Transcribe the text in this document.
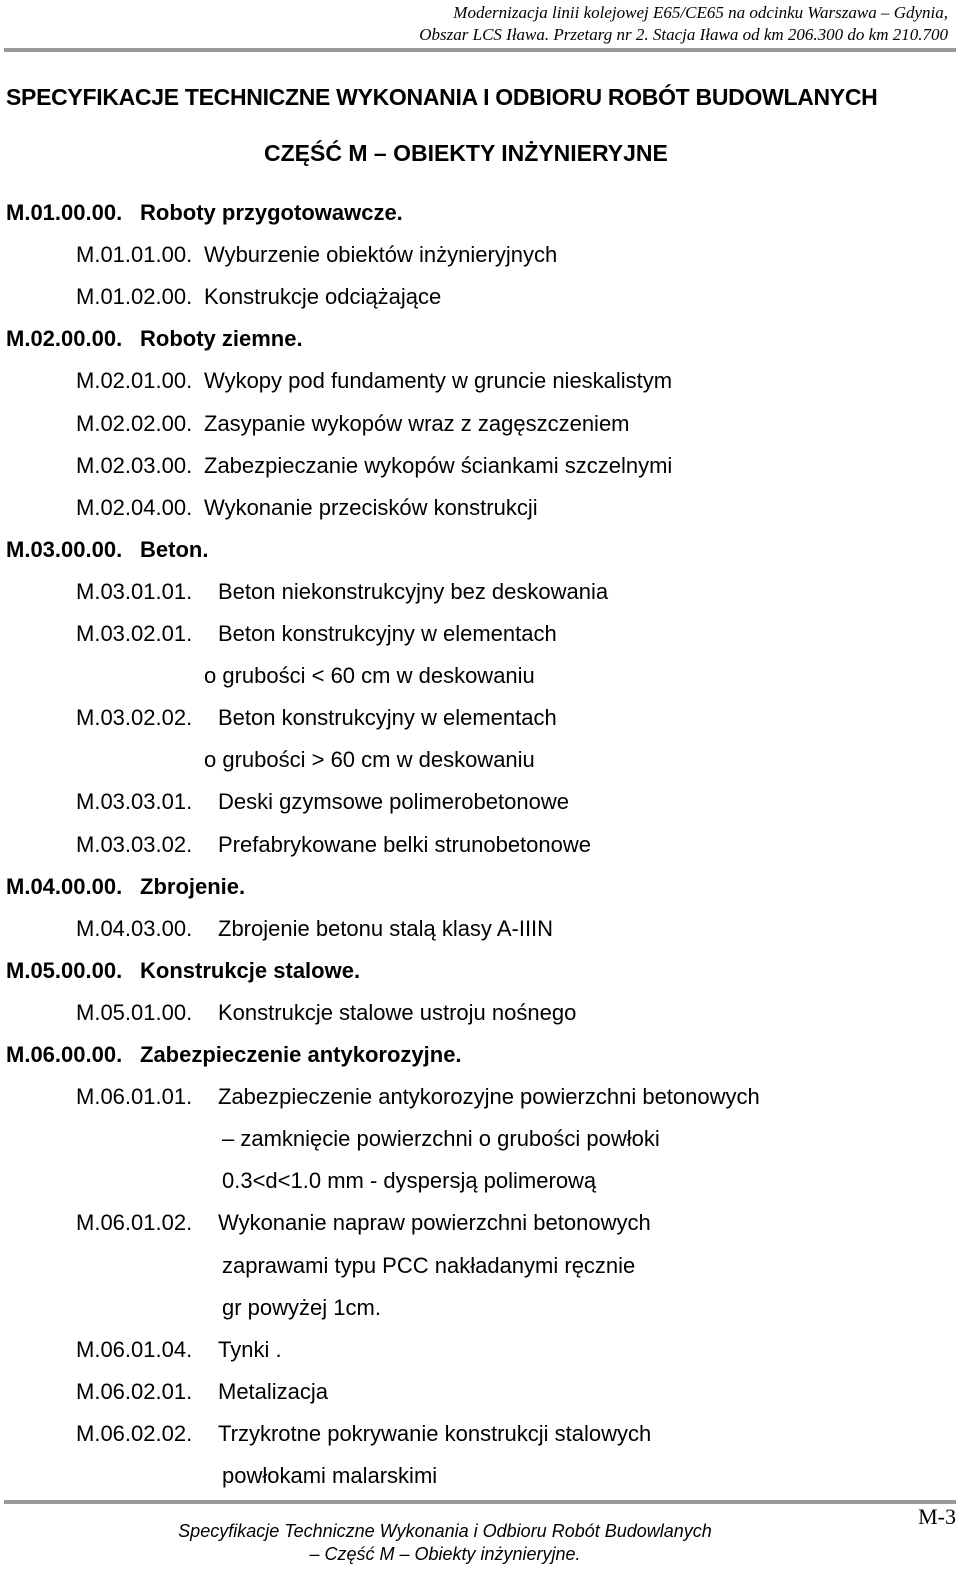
Modernizacja linii kolejowej E65/CE65 na odcinku Warszawa – Gdynia,
Obszar LCS Iława. Przetarg nr 2. Stacja Iława od km 206.300 do km 210.700
SPECYFIKACJE TECHNICZNE WYKONANIA I ODBIORU ROBÓT BUDOWLANYCH
CZĘŚĆ M – OBIEKTY INŻYNIERYJNE
M.01.00.00. Roboty przygotowawcze.
M.01.01.00. Wyburzenie obiektów inżynieryjnych
M.01.02.00. Konstrukcje odciążające
M.02.00.00. Roboty ziemne.
M.02.01.00. Wykopy pod fundamenty w gruncie nieskalistym
M.02.02.00. Zasypanie wykopów wraz z zagęszczeniem
M.02.03.00. Zabezpieczanie wykopów ściankami szczelnymi
M.02.04.00. Wykonanie przecisków konstrukcji
M.03.00.00. Beton.
M.03.01.01. Beton niekonstrukcyjny bez deskowania
M.03.02.01. Beton konstrukcyjny w elementach
o grubości < 60 cm w deskowaniu
M.03.02.02. Beton konstrukcyjny w elementach
o grubości > 60 cm w deskowaniu
M.03.03.01. Deski gzymsowe polimerobetonowe
M.03.03.02. Prefabrykowane belki strunobetonowe
M.04.00.00. Zbrojenie.
M.04.03.00. Zbrojenie betonu stalą klasy A-IIIN
M.05.00.00. Konstrukcje stalowe.
M.05.01.00. Konstrukcje stalowe ustroju nośnego
M.06.00.00. Zabezpieczenie antykorozyjne.
M.06.01.01. Zabezpieczenie antykorozyjne powierzchni betonowych
– zamknięcie powierzchni o grubości powłoki
0.3<d<1.0 mm - dyspersją polimerową
M.06.01.02. Wykonanie napraw powierzchni betonowych
zaprawami typu PCC nakładanymi ręcznie
gr powyżej 1cm.
M.06.01.04. Tynki .
M.06.02.01. Metalizacja
M.06.02.02. Trzykrotne pokrywanie konstrukcji stalowych
powłokami malarskimi
Specyfikacje Techniczne Wykonania i Odbioru Robót Budowlanych
– Część M – Obiekty inżynieryjne.
M-3
